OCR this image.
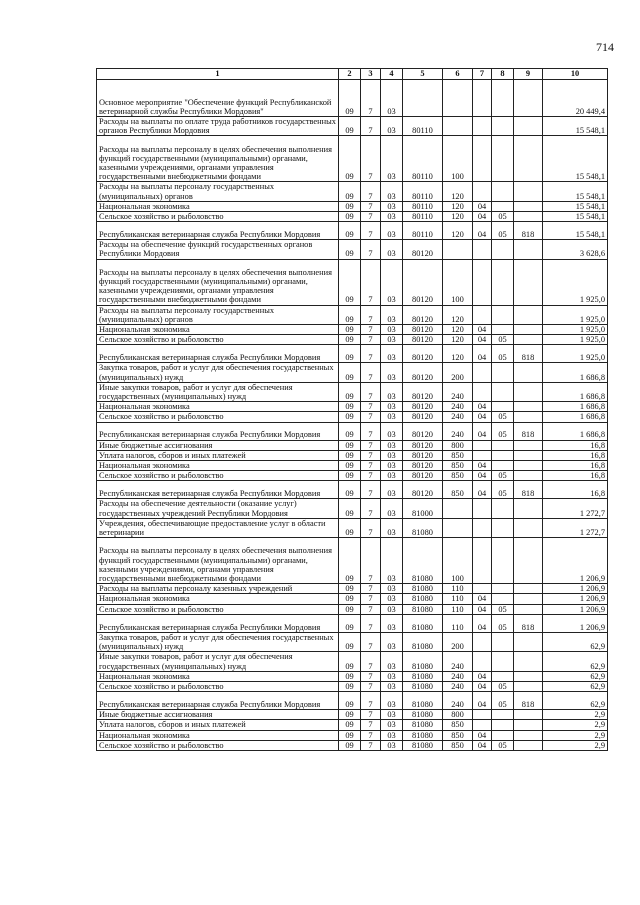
714
1	2	3	4	5	6	7	8	9	10
Основное мероприятие "Обеспечение функций Республиканской ветеринарной службы Республики Мордовия"	09	7	03						20 449,4
Расходы на выплаты по оплате труда работников государственных органов Республики Мордовия	09	7	03	80110					15 548,1
Расходы на выплаты персоналу в целях обеспечения выполнения функций государственными (муниципальными) органами, казенными учреждениями, органами управления государственными внебюджетными фондами	09	7	03	80110	100				15 548,1
Расходы на выплаты персоналу государственных (муниципальных) органов	09	7	03	80110	120				15 548,1
Национальная экономика	09	7	03	80110	120	04			15 548,1
Сельское хозяйство и рыболовство	09	7	03	80110	120	04	05		15 548,1
Республиканская ветеринарная служба Республики Мордовия	09	7	03	80110	120	04	05	818	15 548,1
Расходы на обеспечение функций государственных органов Республики Мордовия	09	7	03	80120					3 628,6
Расходы на выплаты персоналу в целях обеспечения выполнения функций государственными (муниципальными) органами, казенными учреждениями, органами управления государственными внебюджетными фондами	09	7	03	80120	100				1 925,0
Расходы на выплаты персоналу государственных (муниципальных) органов	09	7	03	80120	120				1 925,0
Национальная экономика	09	7	03	80120	120	04			1 925,0
Сельское хозяйство и рыболовство	09	7	03	80120	120	04	05		1 925,0
Республиканская ветеринарная служба Республики Мордовия	09	7	03	80120	120	04	05	818	1 925,0
Закупка товаров, работ и услуг для обеспечения государственных (муниципальных) нужд	09	7	03	80120	200				1 686,8
Иные закупки товаров, работ и услуг для обеспечения государственных (муниципальных) нужд	09	7	03	80120	240				1 686,8
Национальная экономика	09	7	03	80120	240	04			1 686,8
Сельское хозяйство и рыболовство	09	7	03	80120	240	04	05		1 686,8
Республиканская ветеринарная служба Республики Мордовия	09	7	03	80120	240	04	05	818	1 686,8
Иные бюджетные ассигнования	09	7	03	80120	800				16,8
Уплата налогов, сборов и иных платежей	09	7	03	80120	850				16,8
Национальная экономика	09	7	03	80120	850	04			16,8
Сельское хозяйство и рыболовство	09	7	03	80120	850	04	05		16,8
Республиканская ветеринарная служба Республики Мордовия	09	7	03	80120	850	04	05	818	16,8
Расходы на обеспечение деятельности (оказание услуг) государственных учреждений Республики Мордовия	09	7	03	81000					1 272,7
Учреждения, обеспечивающие предоставление услуг в области ветеринарии	09	7	03	81080					1 272,7
Расходы на выплаты персоналу в целях обеспечения выполнения функций государственными (муниципальными) органами, казенными учреждениями, органами управления государственными внебюджетными фондами	09	7	03	81080	100				1 206,9
Расходы на выплаты персоналу казенных учреждений	09	7	03	81080	110				1 206,9
Национальная экономика	09	7	03	81080	110	04			1 206,9
Сельское хозяйство и рыболовство	09	7	03	81080	110	04	05		1 206,9
Республиканская ветеринарная служба Республики Мордовия	09	7	03	81080	110	04	05	818	1 206,9
Закупка товаров, работ и услуг для обеспечения государственных (муниципальных) нужд	09	7	03	81080	200				62,9
Иные закупки товаров, работ и услуг для обеспечения государственных (муниципальных) нужд	09	7	03	81080	240				62,9
Национальная экономика	09	7	03	81080	240	04			62,9
Сельское хозяйство и рыболовство	09	7	03	81080	240	04	05		62,9
Республиканская ветеринарная служба Республики Мордовия	09	7	03	81080	240	04	05	818	62,9
Иные бюджетные ассигнования	09	7	03	81080	800				2,9
Уплата налогов, сборов и иных платежей	09	7	03	81080	850				2,9
Национальная экономика	09	7	03	81080	850	04			2,9
Сельское хозяйство и рыболовство	09	7	03	81080	850	04	05		2,9
